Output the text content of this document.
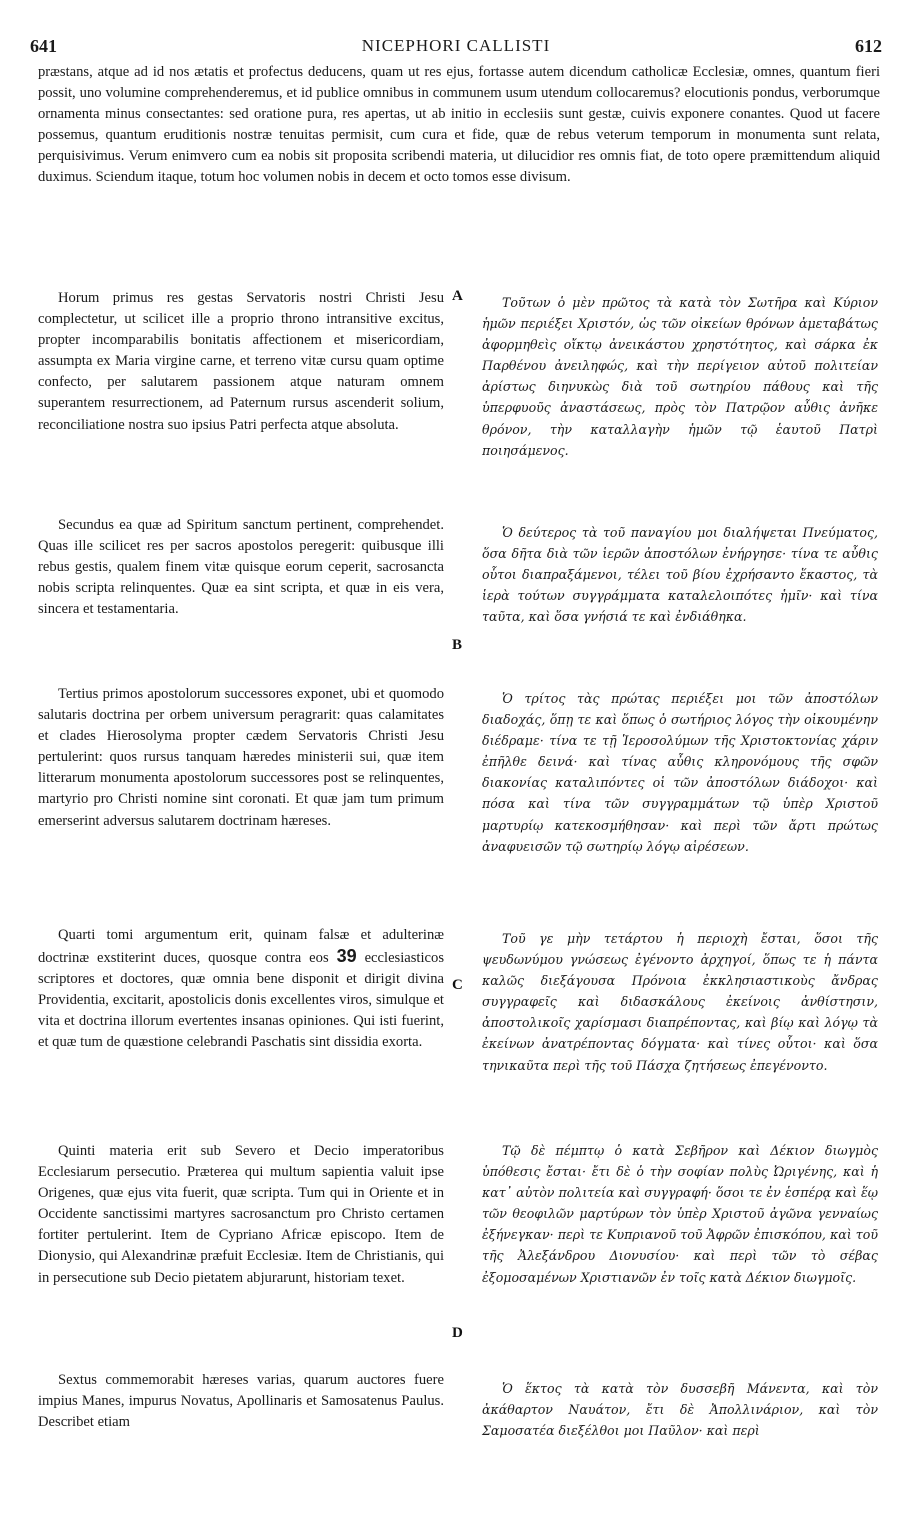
641	NICEPHORI CALLISTI	612
præstans, atque ad id nos ætatis et profectus deducens, quam ut res ejus, fortasse autem dicendum catholicæ Ecclesiæ, omnes, quantum fieri possit, uno volumine comprehenderemus, et id publice omnibus in communem usum utendum collocaremus? elocutionis pondus, verborumque ornamenta minus consectantes: sed oratione pura, res apertas, ut ab initio in ecclesiis sunt gestæ, cuivis exponere conantes. Quod ut facere possemus, quantum eruditionis nostræ tenuitas permisit, cum cura et fide, quæ de rebus veterum temporum in monumenta sunt relata, perquisivimus. Verum enimvero cum ea nobis sit proposita scribendi materia, ut dilucidior res omnis fiat, de toto opere præmittendum aliquid duximus. Sciendum itaque, totum hoc volumen nobis in decem et octo tomos esse divisum.
A
B
C
D

Horum primus res gestas Servatoris nostri Christi Jesu complectetur, ut scilicet ille a proprio throno intransitive excitus, propter incomparabilis bonitatis affectionem et misericordiam, assumpta ex Maria virgine carne, et terreno vitæ cursu quam optime confecto, per salutarem passionem atque naturam omnem superantem resurrectionem, ad Paternum rursus ascenderit solium, reconciliatione nostra suo ipsius Patri perfecta atque absoluta.

Secundus ea quæ ad Spiritum sanctum pertinent, comprehendet. Quas ille scilicet res per sacros apostolos peregerit: quibusque illi rebus gestis, qualem finem vitæ quisque eorum ceperit, sacrosancta nobis scripta relinquentes. Quæ ea sint scripta, et quæ in eis vera, sincera et testamentaria.

Tertius primos apostolorum successores exponet, ubi et quomodo salutaris doctrina per orbem universum peragrarit: quas calamitates et clades Hierosolyma propter cædem Servatoris Christi Jesu pertulerint: quos rursus tanquam hæredes ministerii sui, quæ item litterarum monumenta apostolorum successores post se relinquentes, martyrio pro Christi nomine sint coronati. Et quæ jam tum primum emerserint adversus salutarem doctrinam hæreses.

Quarti tomi argumentum erit, quinam falsæ et adulterinæ doctrinæ exstiterint duces, quosque contra eos 39 ecclesiasticos scriptores et doctores, quæ omnia bene disponit et dirigit divina Providentia, excitarit, apostolicis donis excellentes viros, simulque et vita et doctrina illorum evertentes insanas opiniones. Qui isti fuerint, et quæ tum de quæstione celebrandi Paschatis sint dissidia exorta.

Quinti materia erit sub Severo et Decio imperatoribus Ecclesiarum persecutio. Præterea qui multum sapientia valuit ipse Origenes, quæ ejus vita fuerit, quæ scripta. Tum qui in Oriente et in Occidente sanctissimi martyres sacrosanctum pro Christo certamen fortiter pertulerint. Item de Cypriano Africæ episcopo. Item de Dionysio, qui Alexandrinæ præfuit Ecclesiæ. Item de Christianis, qui in persecutione sub Decio pietatem abjurarunt, historiam texet.

Sextus commemorabit hæreses varias, quarum auctores fuere impius Manes, impurus Novatus, Apollinaris et Samosatenus Paulus. Describet etiam

Τοῦτων ὁ μὲν πρῶτος τὰ κατὰ τὸν Σωτῆρα καὶ Κύριον ἡμῶν περιέξει Χριστόν, ὡς τῶν οἰκείων θρόνων ἀμεταβάτως ἀφορμηθεὶς οἴκτῳ ἀνεικάστου χρηστότητος, καὶ σάρκα ἐκ Παρθένου ἀνειληφώς, καὶ τὴν περίγειον αὐτοῦ πολιτείαν ἀρίστως διηνυκὼς διὰ τοῦ σωτηρίου πάθους καὶ τῆς ὑπερφυοῦς ἀναστάσεως, πρὸς τὸν Πατρῷον αὖθις ἀνῆκε θρόνον, τὴν καταλλαγὴν ἡμῶν τῷ ἑαυτοῦ Πατρὶ ποιησάμενος.

Ὁ δεύτερος τὰ τοῦ παναγίου μοι διαλήψεται Πνεύματος, ὅσα δῆτα διὰ τῶν ἱερῶν ἀποστόλων ἐνήργησε· τίνα τε αὖθις οὗτοι διαπραξάμενοι, τέλει τοῦ βίου ἐχρήσαντο ἕκαστος, τὰ ἱερὰ τούτων συγγράμματα καταλελοιπότες ἡμῖν· καὶ τίνα ταῦτα, καὶ ὅσα γνήσιά τε καὶ ἐνδιάθηκα.

Ὁ τρίτος τὰς πρώτας περιέξει μοι τῶν ἀποστόλων διαδοχάς, ὅπῃ τε καὶ ὅπως ὁ σωτήριος λόγος τὴν οἰκουμένην διέδραμε· τίνα τε τῇ Ἱεροσολύμων τῆς Χριστοκτονίας χάριν ἐπῆλθε δεινά· καὶ τίνας αὖθις κληρονόμους τῆς σφῶν διακονίας καταλιπόντες οἱ τῶν ἀποστόλων διάδοχοι· καὶ πόσα καὶ τίνα τῶν συγγραμμάτων τῷ ὑπὲρ Χριστοῦ μαρτυρίῳ κατεκοσμήθησαν· καὶ περὶ τῶν ἄρτι πρώτως ἀναφυεισῶν τῷ σωτηρίῳ λόγῳ αἱρέσεων.

Τοῦ γε μὴν τετάρτου ἡ περιοχὴ ἔσται, ὅσοι τῆς ψευδωνύμου γνώσεως ἐγένοντο ἀρχηγοί, ὅπως τε ἡ πάντα καλῶς διεξάγουσα Πρόνοια ἐκκλησιαστικοὺς ἄνδρας συγγραφεῖς καὶ διδασκάλους ἐκείνοις ἀνθίστησιν, ἀποστολικοῖς χαρίσμασι διαπρέποντας, καὶ βίῳ καὶ λόγῳ τὰ ἐκείνων ἀνατρέποντας δόγματα· καὶ τίνες οὗτοι· καὶ ὅσα τηνικαῦτα περὶ τῆς τοῦ Πάσχα ζητήσεως ἐπεγένοντο.

Τῷ δὲ πέμπτῳ ὁ κατὰ Σεβῆρον καὶ Δέκιον διωγμὸς ὑπόθεσις ἔσται· ἔτι δὲ ὁ τὴν σοφίαν πολὺς Ὠριγένης, καὶ ἡ κατ᾽ αὐτὸν πολιτεία καὶ συγγραφή· ὅσοι τε ἐν ἑσπέρᾳ καὶ ἕῳ τῶν θεοφιλῶν μαρτύρων τὸν ὑπὲρ Χριστοῦ ἀγῶνα γενναίως ἐξήνεγκαν· περὶ τε Κυπριανοῦ τοῦ Ἀφρῶν ἐπισκόπου, καὶ τοῦ τῆς Ἀλεξάνδρου Διονυσίου· καὶ περὶ τῶν τὸ σέβας ἐξομοσαμένων Χριστιανῶν ἐν τοῖς κατὰ Δέκιον διωγμοῖς.

Ὁ ἕκτος τὰ κατὰ τὸν δυσσεβῆ Μάνεντα, καὶ τὸν ἀκάθαρτον Ναυάτον, ἔτι δὲ Ἀπολλινάριον, καὶ τὸν Σαμοσατέα διεξέλθοι μοι Παῦλον· καὶ περὶ
